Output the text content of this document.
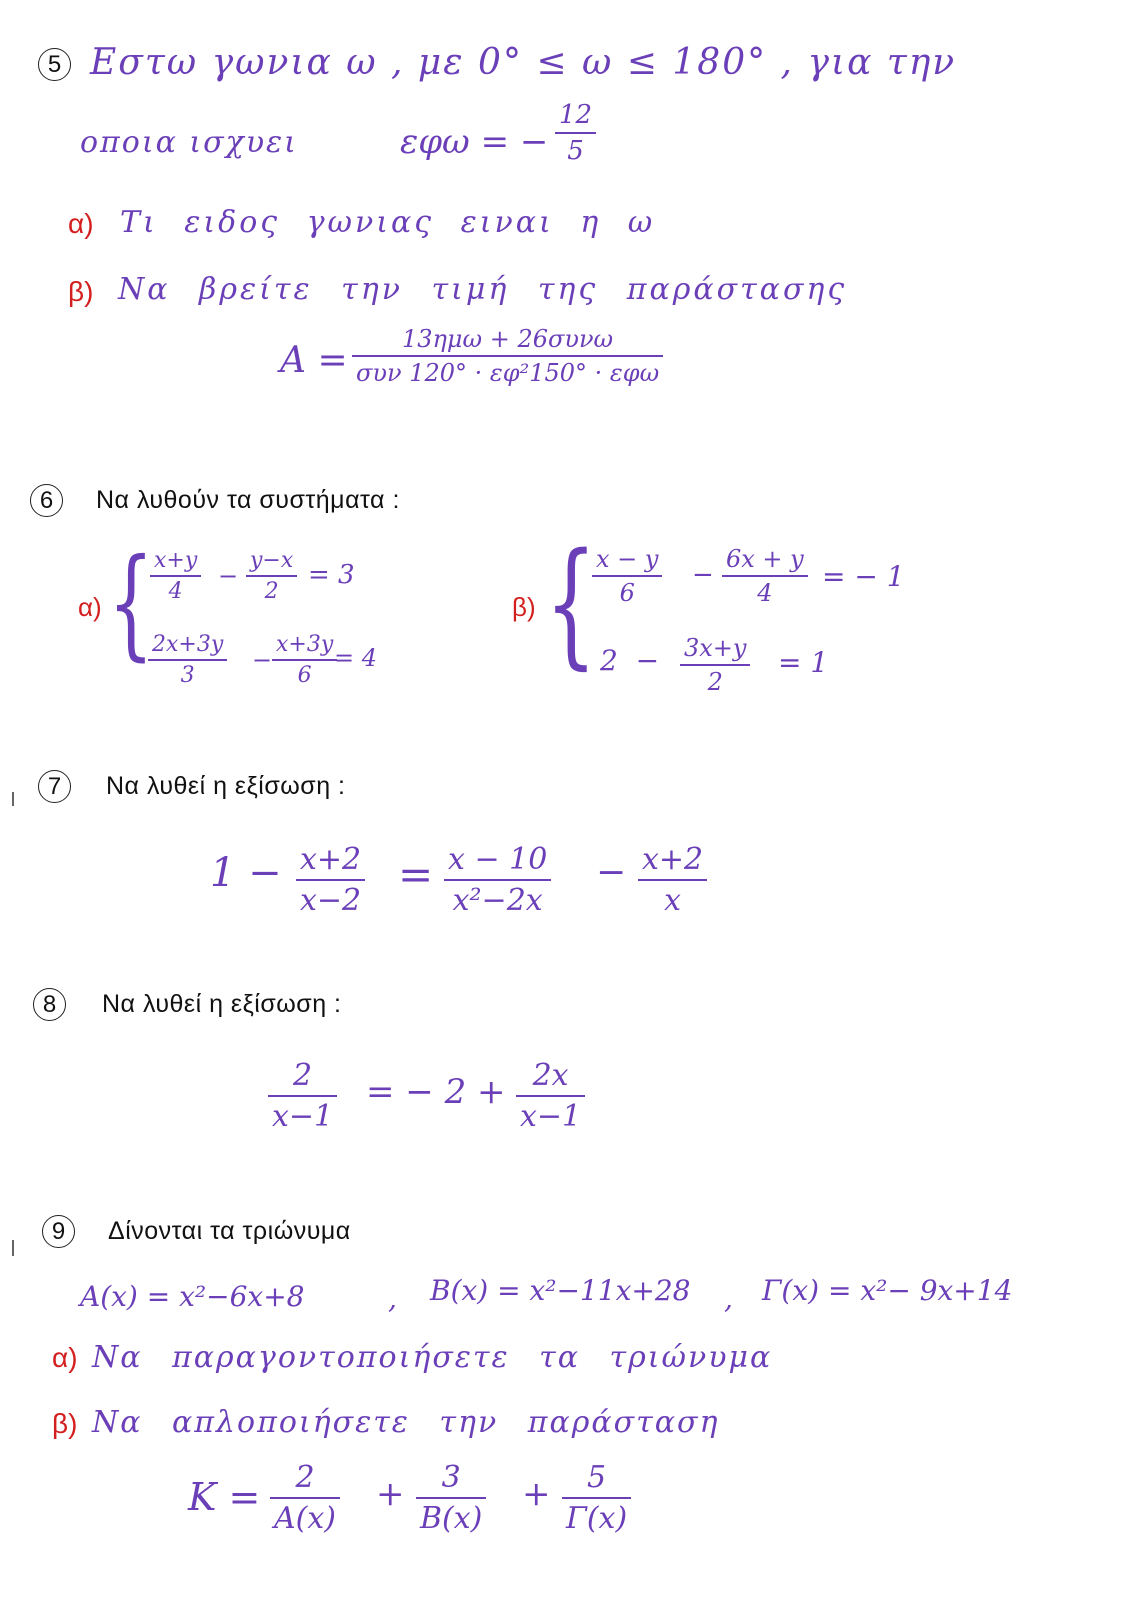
5 Εστω γωνια ω , με 0° ≤ ω ≤ 180° , για την
οποια ισχυει	εφω = −
12
5
α) Τι ειδος γωνιας ειναι η ω
β) Να βρείτε την τιμή της παράστασης
A =
13ημω + 26συνω
συν 120° · εφ²150° · εφω
6	Να λυθούν τα συστήματα :
α) { x+y
4
−
y−x
2
= 3
2x+3y
3
−
x+3y
6
= 4
β) { x − y
6
−
6x + y
4 = − 1
2  − 3x+y
2
= 1
7	Να λυθεί η εξίσωση :
1 − x+2
x−2
= x − 10
x²−2x
− x+2
x
8	Να λυθεί η εξίσωση :
2
x−1
= − 2 + 2x
x−1
9	Δίνονται τα τριώνυμα
A(x) = x²−6x+8	, B(x) = x²−11x+28 , Γ(x) = x²− 9x+14
α) Να παραγοντοποιήσετε τα τριώνυμα
β) Να απλοποιήσετε την παράσταση
K = 2
A(x)
+ 3
B(x)
+ 5
Γ(x)
